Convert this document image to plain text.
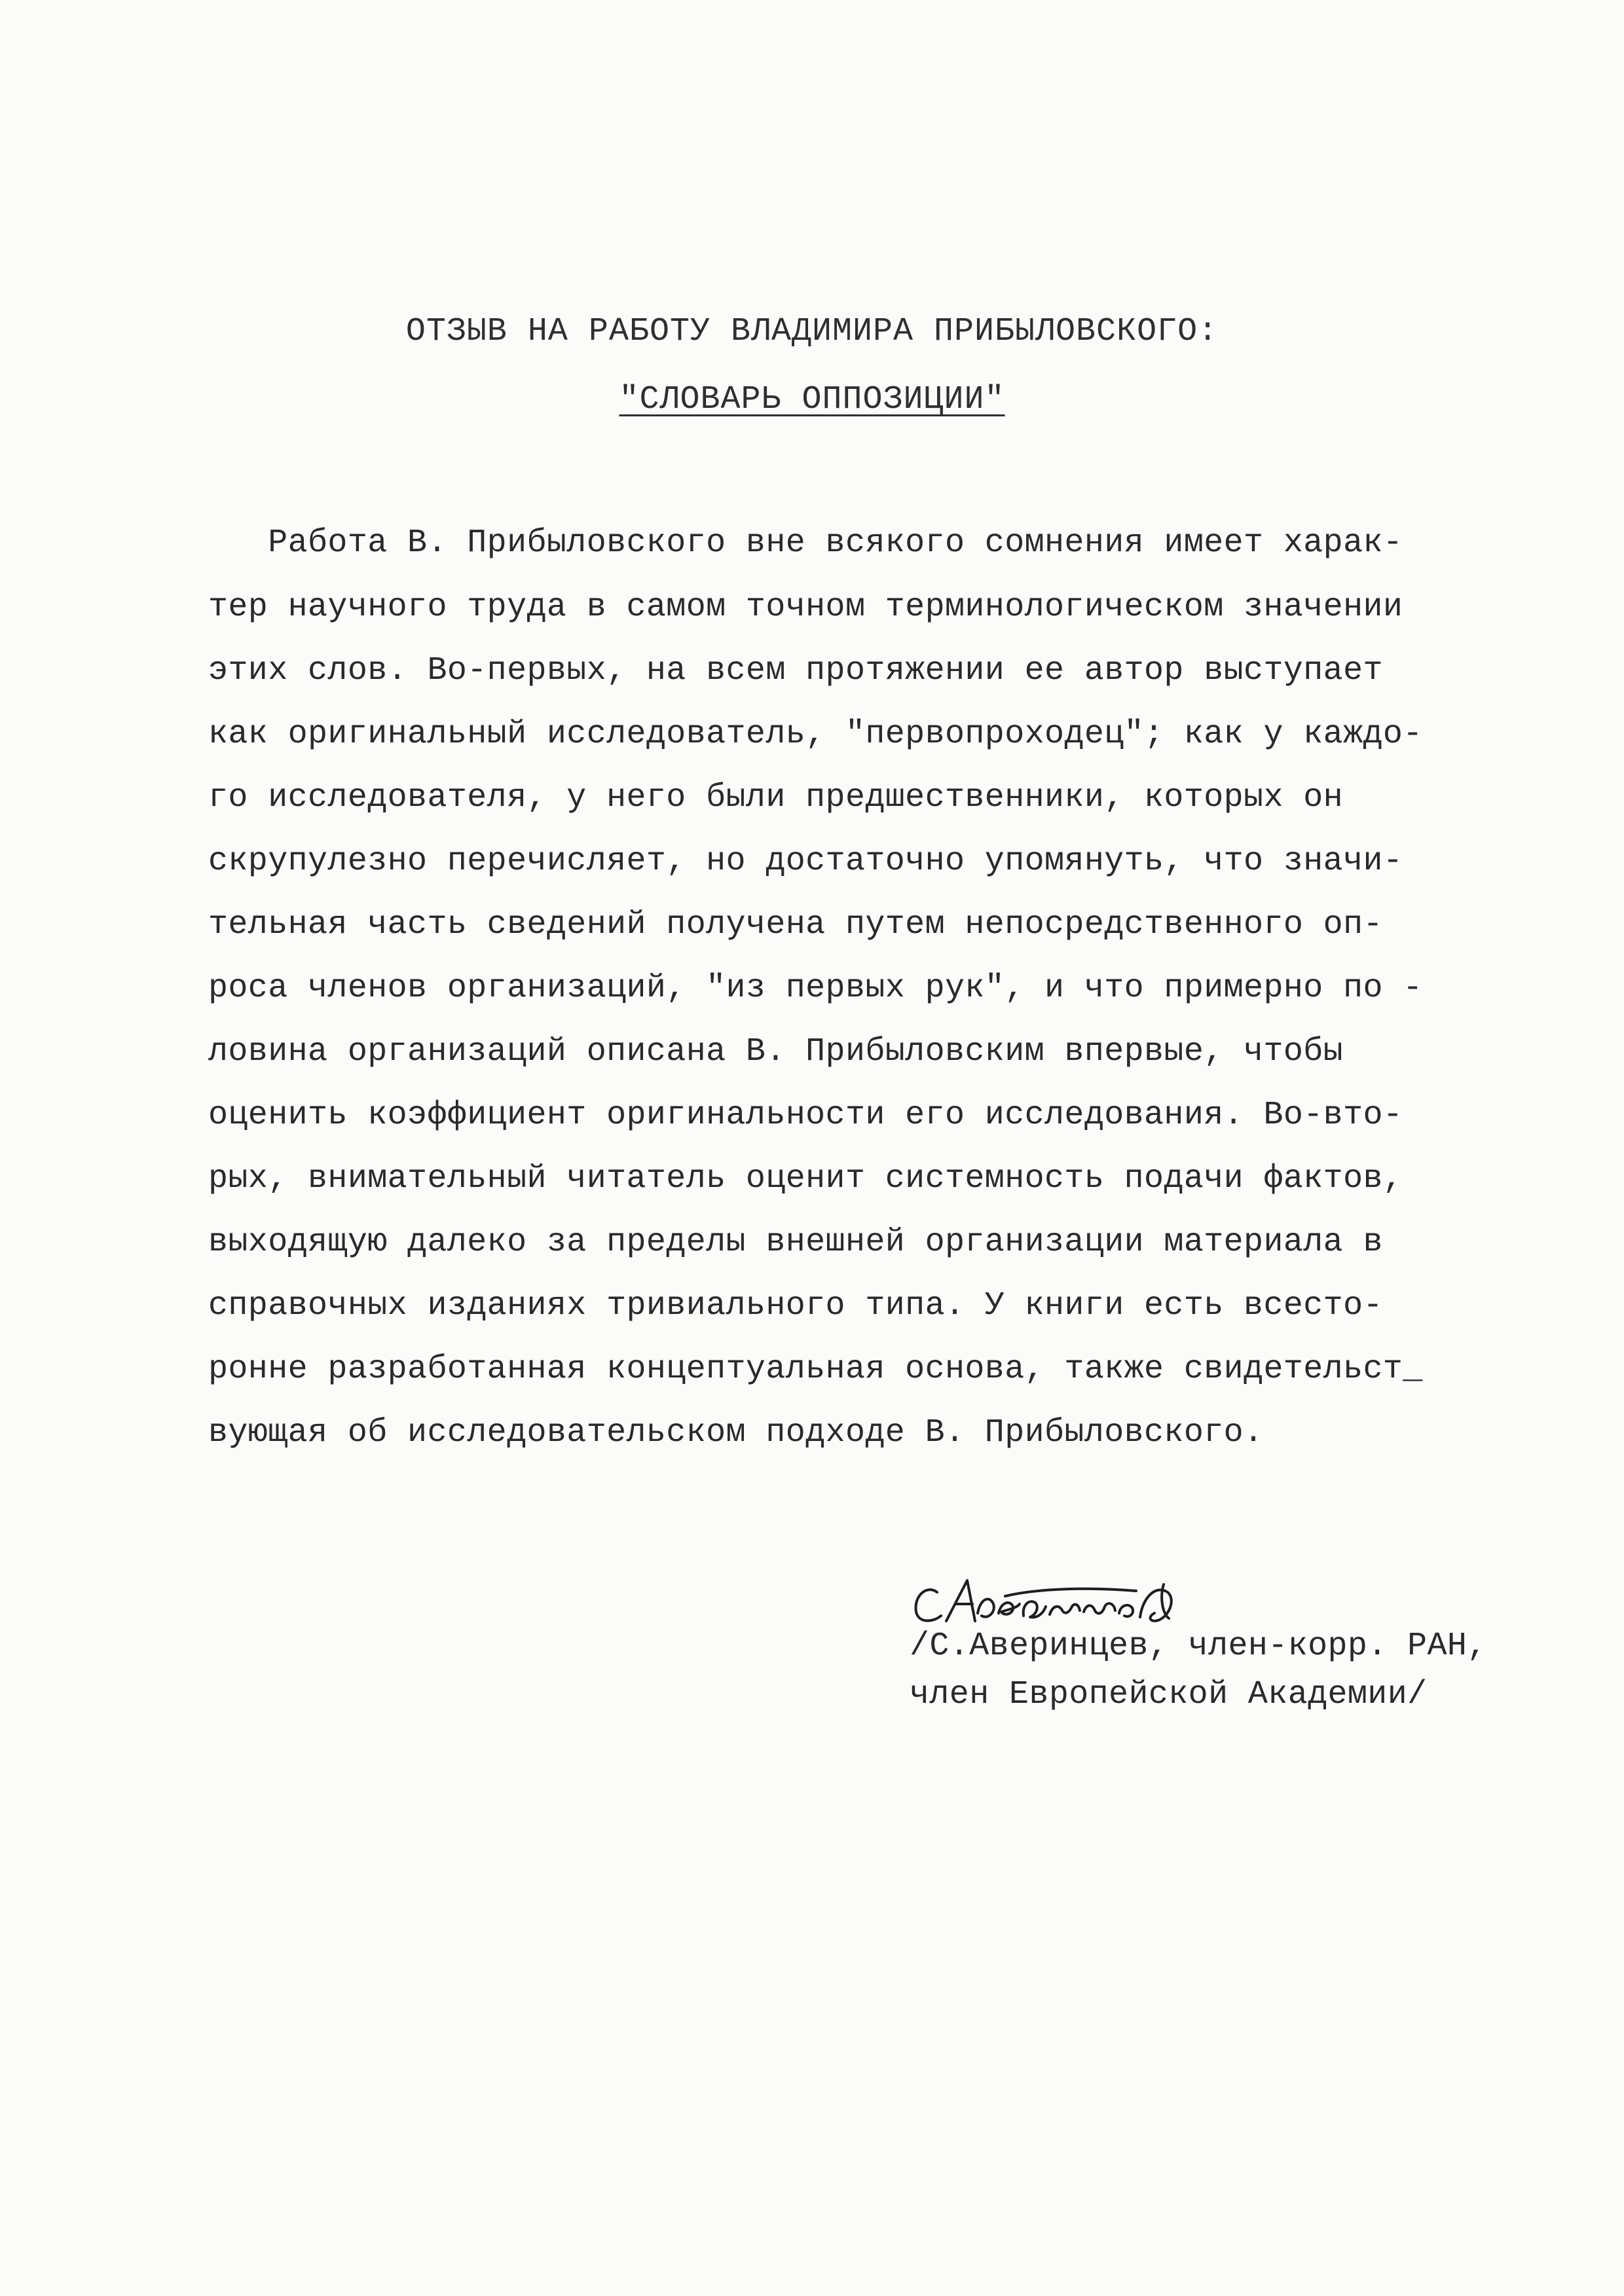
ОТЗЫВ НА РАБОТУ ВЛАДИМИРА ПРИБЫЛОВСКОГО:
"СЛОВАРЬ ОППОЗИЦИИ"
Работа В. Прибыловского вне всякого сомнения имеет харак-
тер научного труда в самом точном терминологическом значении
этих слов. Во-первых, на всем протяжении ее автор выступает
как оригинальный исследователь, "первопроходец"; как у каждо-
го исследователя, у него были предшественники, которых он
скрупулезно перечисляет, но достаточно упомянуть, что значи-
тельная часть сведений получена путем непосредственного оп-
роса членов организаций, "из первых рук", и что примерно по -
ловина организаций описана В. Прибыловским впервые, чтобы
оценить коэффициент оригинальности его исследования. Во-вто-
рых, внимательный читатель оценит системность подачи фактов,
выходящую далеко за пределы внешней организации материала в
справочных изданиях тривиального типа. У книги есть всесто-
ронне разработанная концептуальная основа, также свидетельст_
вующая об исследовательском подходе В. Прибыловского.
/С.Аверинцев, член-корр. РАН,
член Европейской Академии/
